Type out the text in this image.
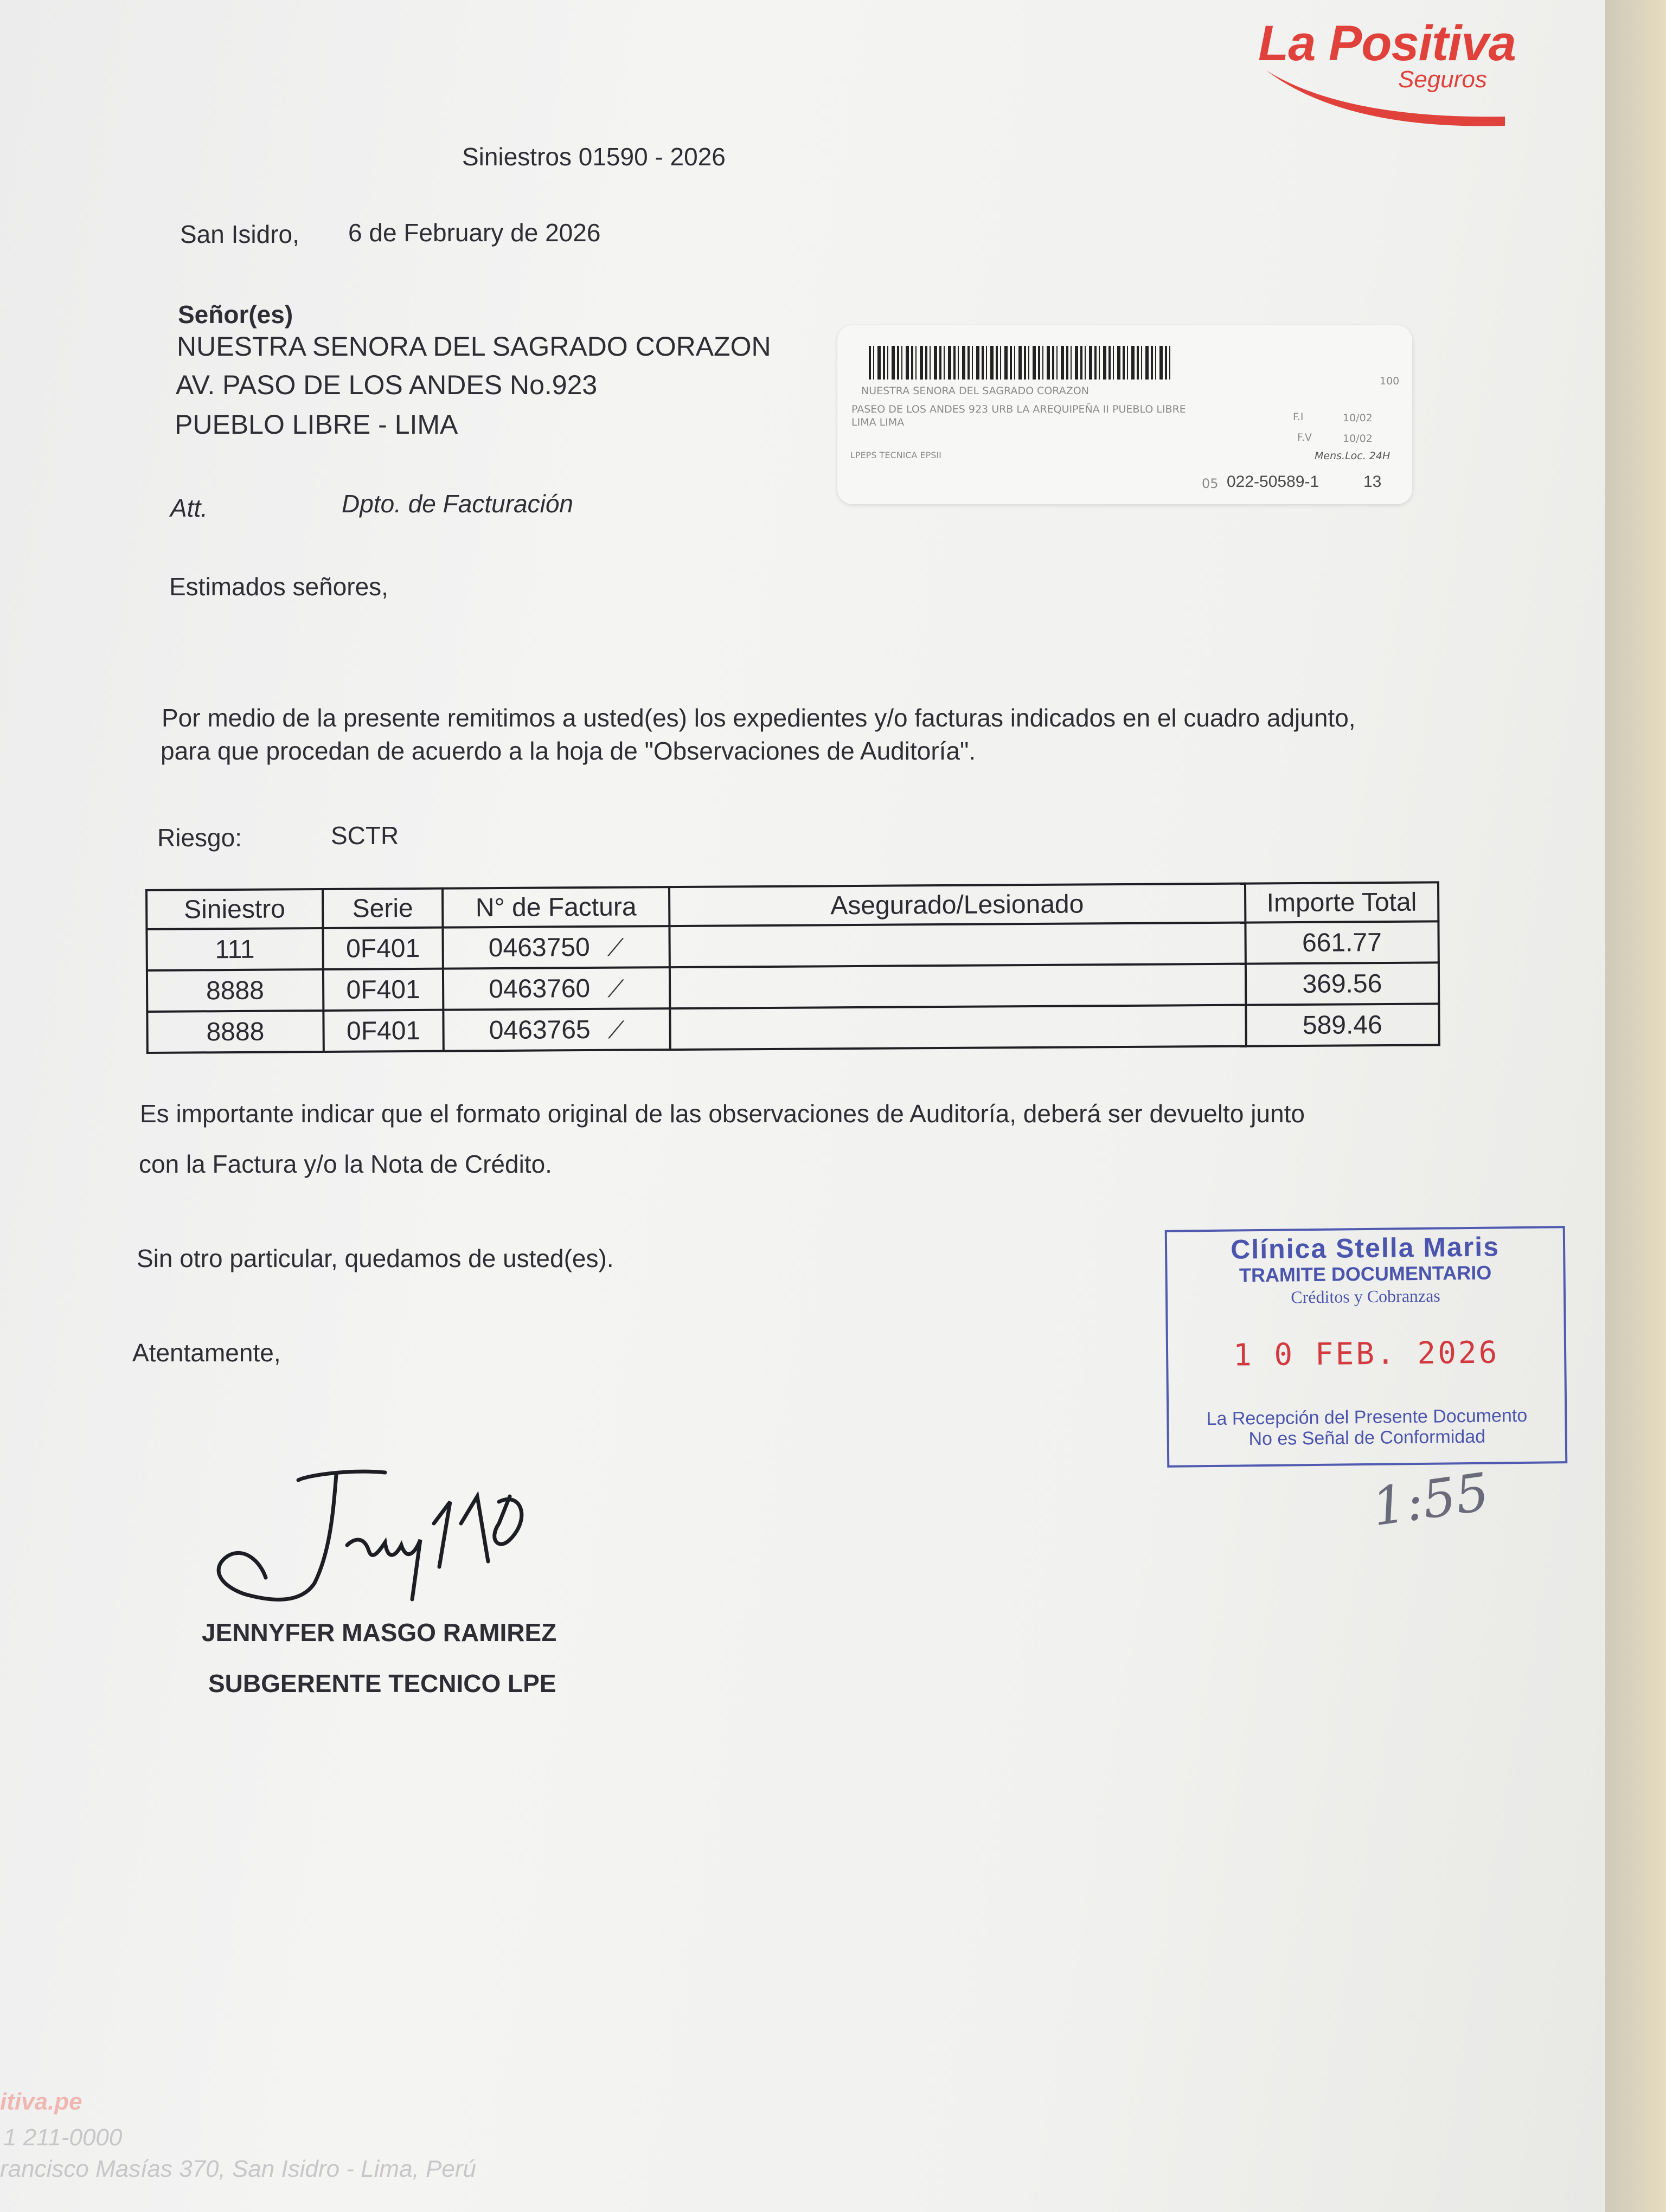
La Positiva
Seguros
Siniestros 01590 - 2026
San Isidro, 6 de February de 2026
Señor(es)
NUESTRA SENORA DEL SAGRADO CORAZON
AV. PASO DE LOS ANDES No.923
PUEBLO LIBRE - LIMA
Att.	Dpto. de Facturación
NUESTRA SENORA DEL SAGRADO CORAZON
100
PASEO DE LOS ANDES 923 URB LA AREQUIPEÑA II PUEBLO LIBRE
LIMA LIMA	F.I	10/02
F.V	10/02
LPEPS TECNICA EPSII	Mens.Loc. 24H
05 022-50589-1	13
Estimados señores,
Por medio de la presente remitimos a usted(es) los expedientes y/o facturas indicados en el cuadro adjunto,
para que procedan de acuerdo a la hoja de "Observaciones de Auditoría".
Riesgo:	SCTR
Siniestro	Serie	N° de Factura	Asegurado/Lesionado	Importe Total
111	0F401	0463750 ⟋		661.77
8888	0F401	0463760 ⟋		369.56
8888	0F401	0463765 ⟋		589.46
Es importante indicar que el formato original de las observaciones de Auditoría, deberá ser devuelto junto
con la Factura y/o la Nota de Crédito.
Sin otro particular, quedamos de usted(es).
Atentamente,
JENNYFER MASGO RAMIREZ
SUBGERENTE TECNICO LPE
Clínica Stella Maris
TRAMITE DOCUMENTARIO
Créditos y Cobranzas
1 0 FEB. 2026
La Recepción del Presente Documento
No es Señal de Conformidad
1:55
itiva.pe
1 211-0000
rancisco Masías 370, San Isidro - Lima, Perú
